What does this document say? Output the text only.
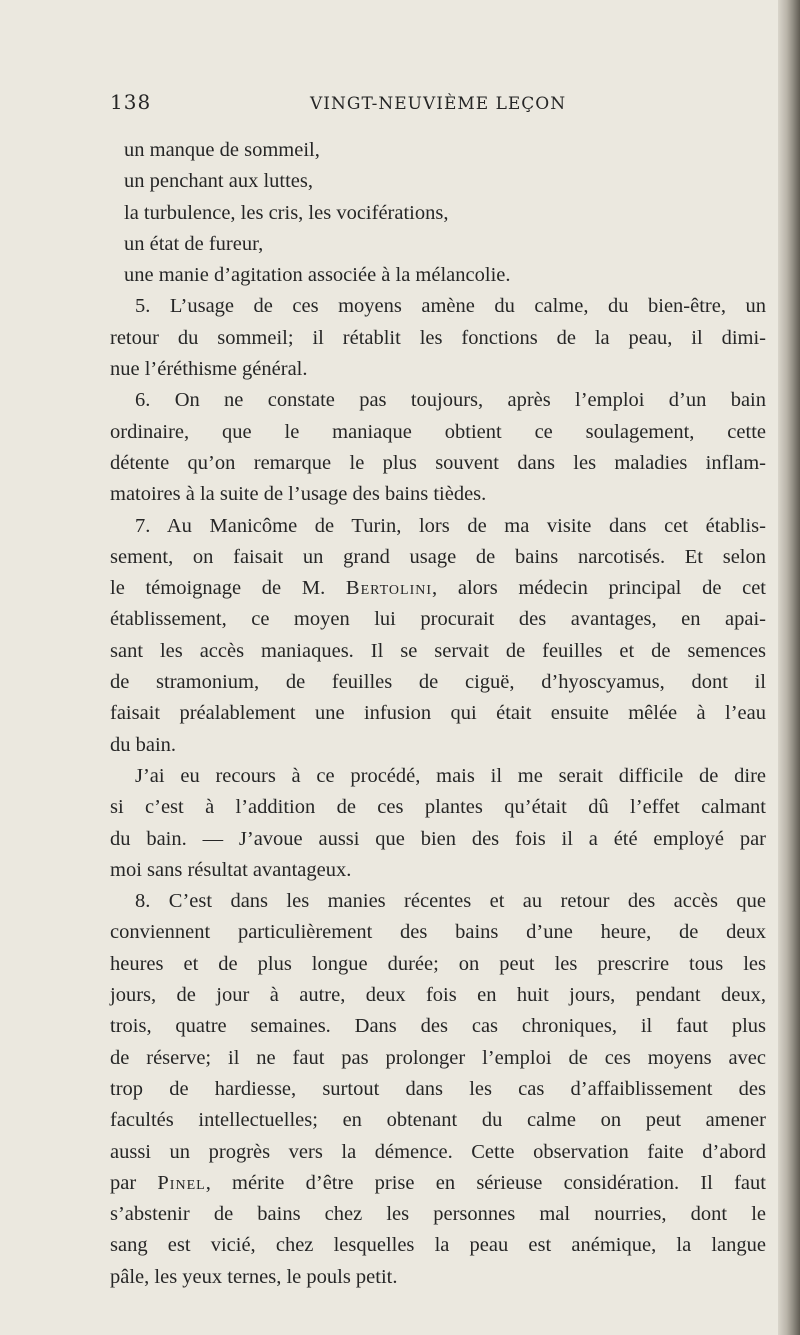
138	VINGT-NEUVIÈME LEÇON
un manque de sommeil,
un penchant aux luttes,
la turbulence, les cris, les vociférations,
un état de fureur,
une manie d’agitation associée à la mélancolie.
5. L’usage de ces moyens amène du calme, du bien-être, un
retour du sommeil; il rétablit les fonctions de la peau, il dimi-
nue l’éréthisme général.
6. On ne constate pas toujours, après l’emploi d’un bain
ordinaire, que le maniaque obtient ce soulagement, cette
détente qu’on remarque le plus souvent dans les maladies inflam-
matoires à la suite de l’usage des bains tièdes.
7. Au Manicôme de Turin, lors de ma visite dans cet établis-
sement, on faisait un grand usage de bains narcotisés. Et selon
le témoignage de M. Bertolini, alors médecin principal de cet
établissement, ce moyen lui procurait des avantages, en apai-
sant les accès maniaques. Il se servait de feuilles et de semences
de stramonium, de feuilles de ciguë, d’hyoscyamus, dont il
faisait préalablement une infusion qui était ensuite mêlée à l’eau
du bain.
J’ai eu recours à ce procédé, mais il me serait difficile de dire
si c’est à l’addition de ces plantes qu’était dû l’effet calmant
du bain. — J’avoue aussi que bien des fois il a été employé par
moi sans résultat avantageux.
8. C’est dans les manies récentes et au retour des accès que
conviennent particulièrement des bains d’une heure, de deux
heures et de plus longue durée; on peut les prescrire tous les
jours, de jour à autre, deux fois en huit jours, pendant deux,
trois, quatre semaines. Dans des cas chroniques, il faut plus
de réserve; il ne faut pas prolonger l’emploi de ces moyens avec
trop de hardiesse, surtout dans les cas d’affaiblissement des
facultés intellectuelles; en obtenant du calme on peut amener
aussi un progrès vers la démence. Cette observation faite d’abord
par Pinel, mérite d’être prise en sérieuse considération. Il faut
s’abstenir de bains chez les personnes mal nourries, dont le
sang est vicié, chez lesquelles la peau est anémique, la langue
pâle, les yeux ternes, le pouls petit.
